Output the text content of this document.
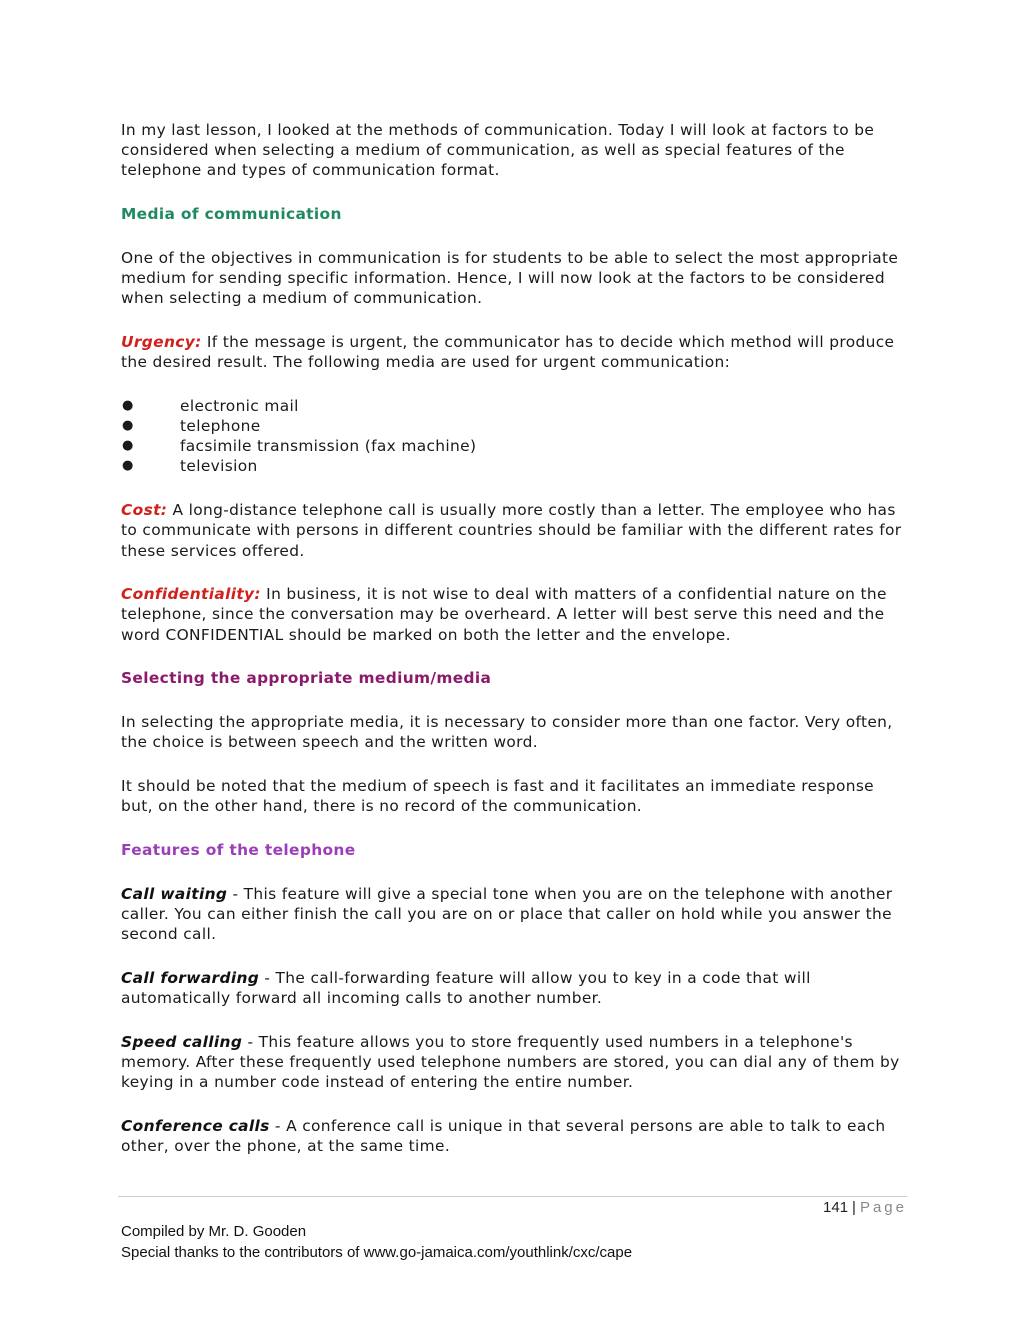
In my last lesson, I looked at the methods of communication. Today I will look at factors to be considered when selecting a medium of communication, as well as special features of the telephone and types of communication format.

Media of communication

One of the objectives in communication is for students to be able to select the most appropriate medium for sending specific information. Hence, I will now look at the factors to be considered when selecting a medium of communication.

Urgency: If the message is urgent, the communicator has to decide which method will produce the desired result. The following media are used for urgent communication:

●	electronic mail
●	telephone
●	facsimile transmission (fax machine)
●	television

Cost: A long-distance telephone call is usually more costly than a letter. The employee who has to communicate with persons in different countries should be familiar with the different rates for these services offered.

Confidentiality: In business, it is not wise to deal with matters of a confidential nature on the telephone, since the conversation may be overheard. A letter will best serve this need and the word CONFIDENTIAL should be marked on both the letter and the envelope.

Selecting the appropriate medium/media

In selecting the appropriate media, it is necessary to consider more than one factor. Very often, the choice is between speech and the written word.

It should be noted that the medium of speech is fast and it facilitates an immediate response but, on the other hand, there is no record of the communication.

Features of the telephone

Call waiting - This feature will give a special tone when you are on the telephone with another caller. You can either finish the call you are on or place that caller on hold while you answer the second call.

Call forwarding - The call-forwarding feature will allow you to key in a code that will automatically forward all incoming calls to another number.

Speed calling - This feature allows you to store frequently used numbers in a telephone's memory. After these frequently used telephone numbers are stored, you can dial any of them by keying in a number code instead of entering the entire number.

Conference calls - A conference call is unique in that several persons are able to talk to each other, over the phone, at the same time.

141 | Page
Compiled by Mr. D. Gooden
Special thanks to the contributors of www.go-jamaica.com/youthlink/cxc/cape
